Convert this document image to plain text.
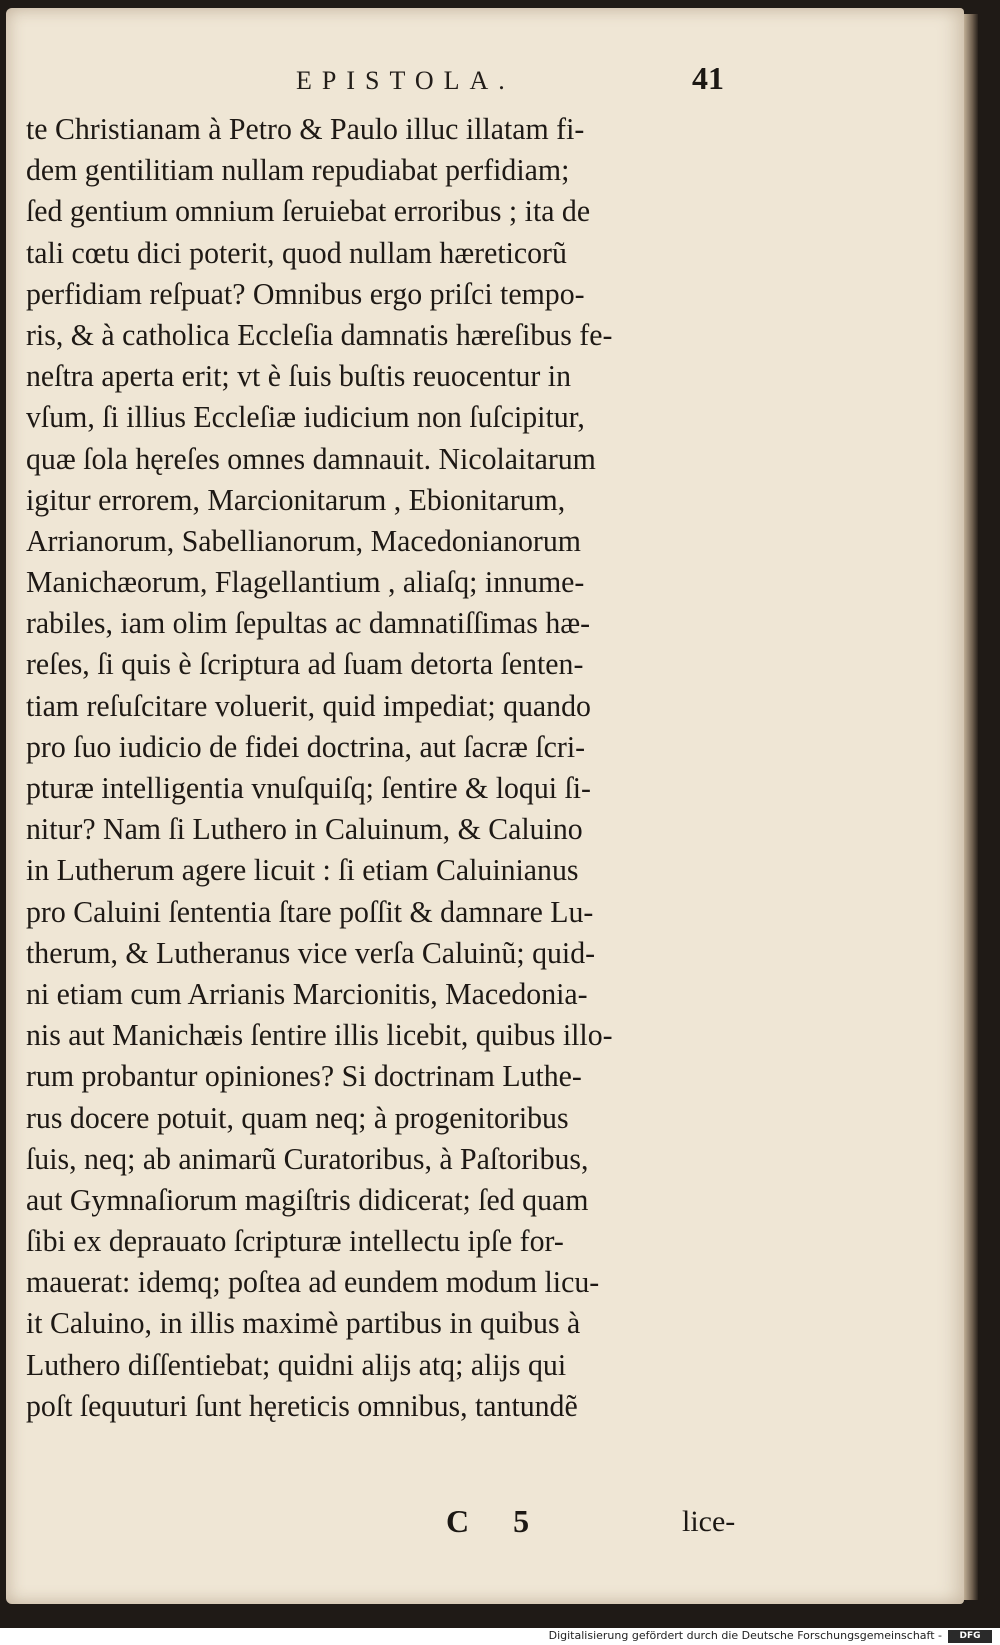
EPISTOLA.	41
te Christianam à Petro & Paulo illuc illatam fi-
dem gentilitiam nullam repudiabat perfidiam;
ſed gentium omnium ſeruiebat erroribus ; ita de
tali cœtu dici poterit, quod nullam hæreticorũ
perfidiam reſpuat? Omnibus ergo priſci tempo-
ris, & à catholica Eccleſia damnatis hæreſibus fe-
neſtra aperta erit; vt è ſuis buſtis reuocentur in
vſum, ſi illius Eccleſiæ iudicium non ſuſcipitur,
quæ ſola hęreſes omnes damnauit. Nicolaitarum
igitur errorem, Marcionitarum , Ebionitarum,
Arrianorum, Sabellianorum, Macedonianorum
Manichæorum, Flagellantium , aliaſq; innume-
rabiles, iam olim ſepultas ac damnatiſſimas hæ-
reſes, ſi quis è ſcriptura ad ſuam detorta ſenten-
tiam reſuſcitare voluerit, quid impediat; quando
pro ſuo iudicio de fidei doctrina, aut ſacræ ſcri-
pturæ intelligentia vnuſquiſq; ſentire & loqui ſi-
nitur? Nam ſi Luthero in Caluinum, & Caluino
in Lutherum agere licuit : ſi etiam Caluinianus
pro Caluini ſententia ſtare poſſit & damnare Lu-
therum, & Lutheranus vice verſa Caluinũ; quid-
ni etiam cum Arrianis Marcionitis, Macedonia-
nis aut Manichæis ſentire illis licebit, quibus illo-
rum probantur opiniones? Si doctrinam Luthe-
rus docere potuit, quam neq; à progenitoribus
ſuis, neq; ab animarũ Curatoribus, à Paſtoribus,
aut Gymnaſiorum magiſtris didicerat; ſed quam
ſibi ex deprauato ſcripturæ intellectu ipſe for-
mauerat: idemq; poſtea ad eundem modum licu-
it Caluino, in illis maximè partibus in quibus à
Luthero diſſentiebat; quidni alijs atq; alijs qui
poſt ſequuturi ſunt hęreticis omnibus, tantundẽ
C 5	lice-
Digitalisierung gefördert durch die Deutsche Forschungsgemeinschaft -	DFG
